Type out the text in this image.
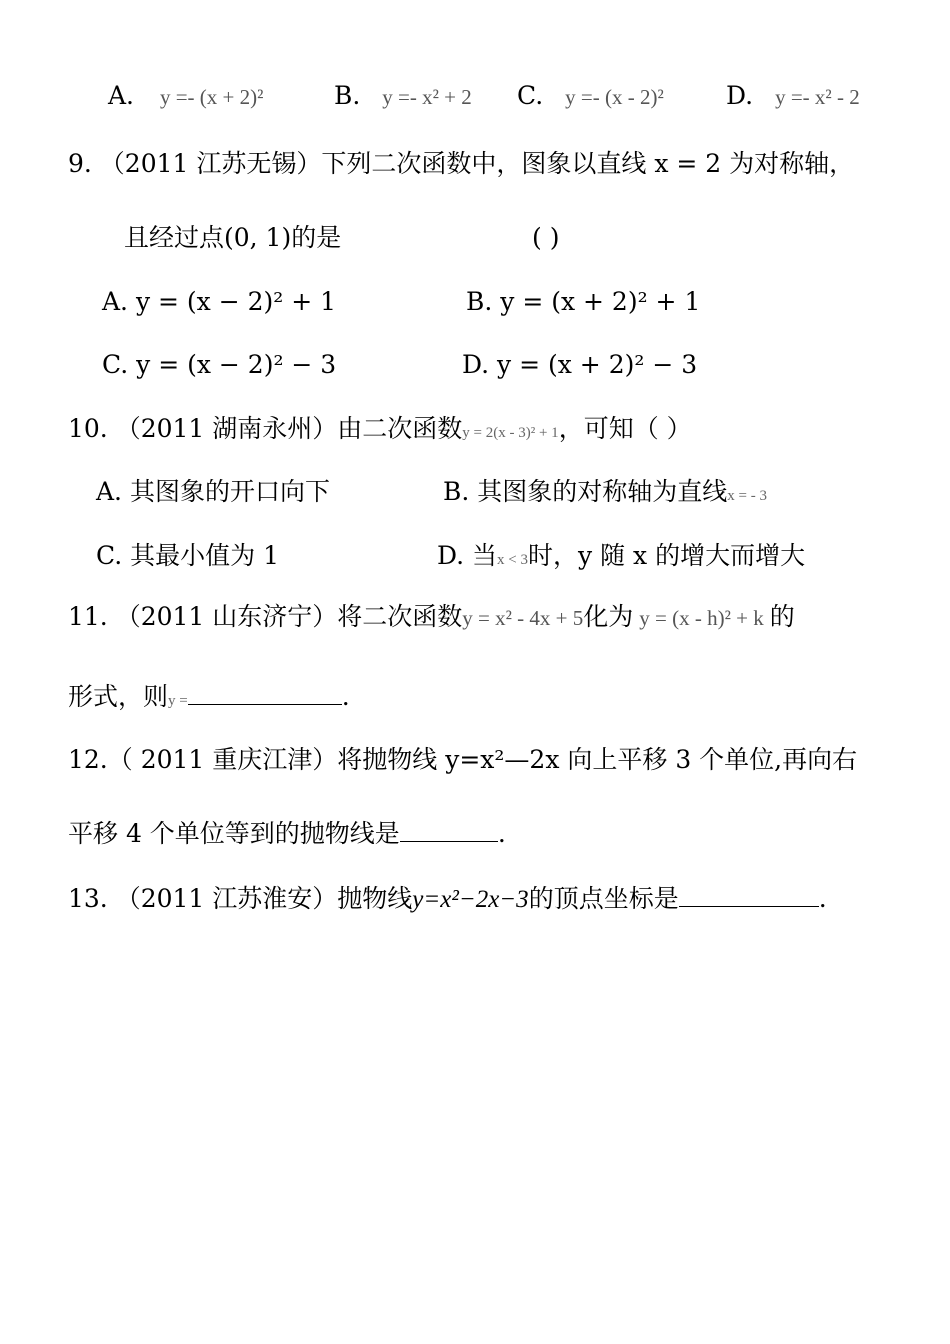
A. y =- (x + 2)²	B. y =- x² + 2 C. y =- (x - 2)² D. y =- x² - 2
9. （2011 江苏无锡）下列二次函数中，图象以直线 x = 2 为对称轴，
且经过点(0, 1)的是	( )
A. y = (x − 2)² + 1	B. y = (x + 2)² + 1
C. y = (x − 2)² − 3	D. y = (x + 2)² − 3
10. （2011 湖南永州）由二次函数y = 2(x - 3)² + 1，可知（ ）
A. 其图象的开口向下	B. 其图象的对称轴为直线x = - 3
C. 其最小值为 1	D. 当x < 3时，y 随 x 的增大而增大
11. （2011 山东济宁）将二次函数y = x² - 4x + 5化为 y = (x - h)² + k 的
形式，则y =	.
12.（ 2011 重庆江津）将抛物线 y=x²—2x 向上平移 3 个单位,再向右
平移 4 个单位等到的抛物线是	.
13. （2011 江苏淮安）抛物线y=x²−2x−3的顶点坐标是	.
